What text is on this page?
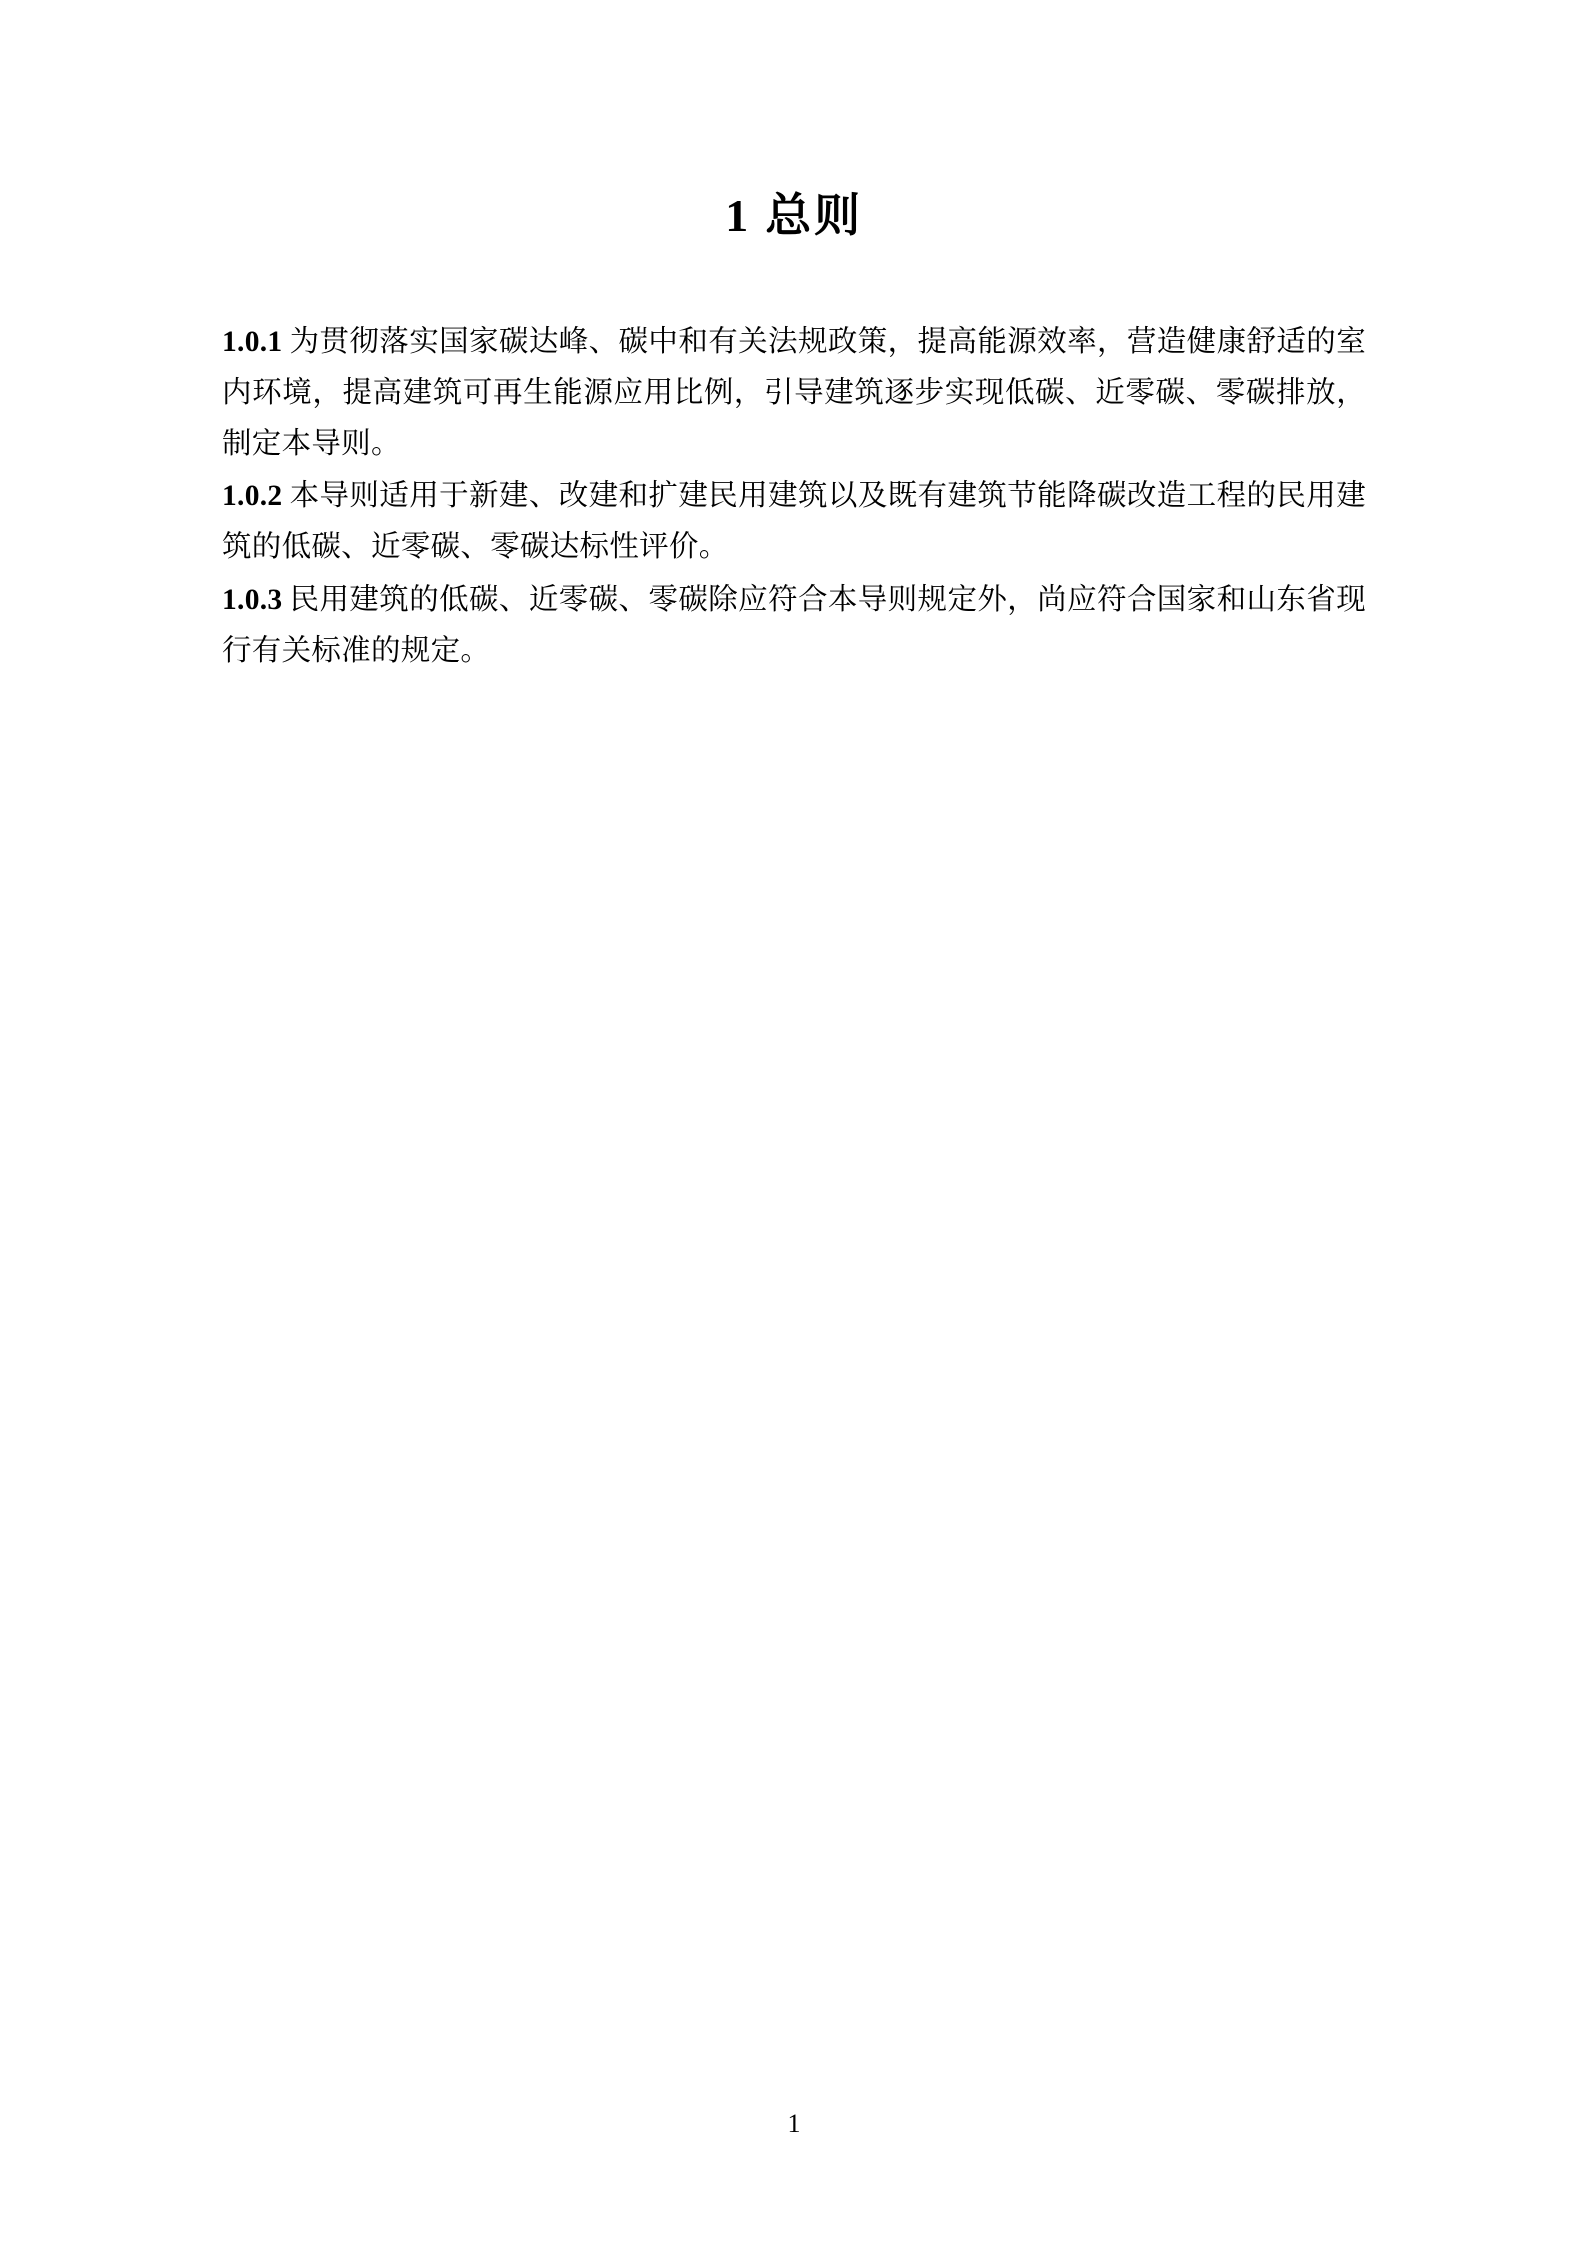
1 总则

1.0.1 为贯彻落实国家碳达峰、碳中和有关法规政策，提高能源效率，营造健康舒适的室内环境，提高建筑可再生能源应用比例，引导建筑逐步实现低碳、近零碳、零碳排放，制定本导则。

1.0.2 本导则适用于新建、改建和扩建民用建筑以及既有建筑节能降碳改造工程的民用建筑的低碳、近零碳、零碳达标性评价。

1.0.3 民用建筑的低碳、近零碳、零碳除应符合本导则规定外，尚应符合国家和山东省现行有关标准的规定。

1
